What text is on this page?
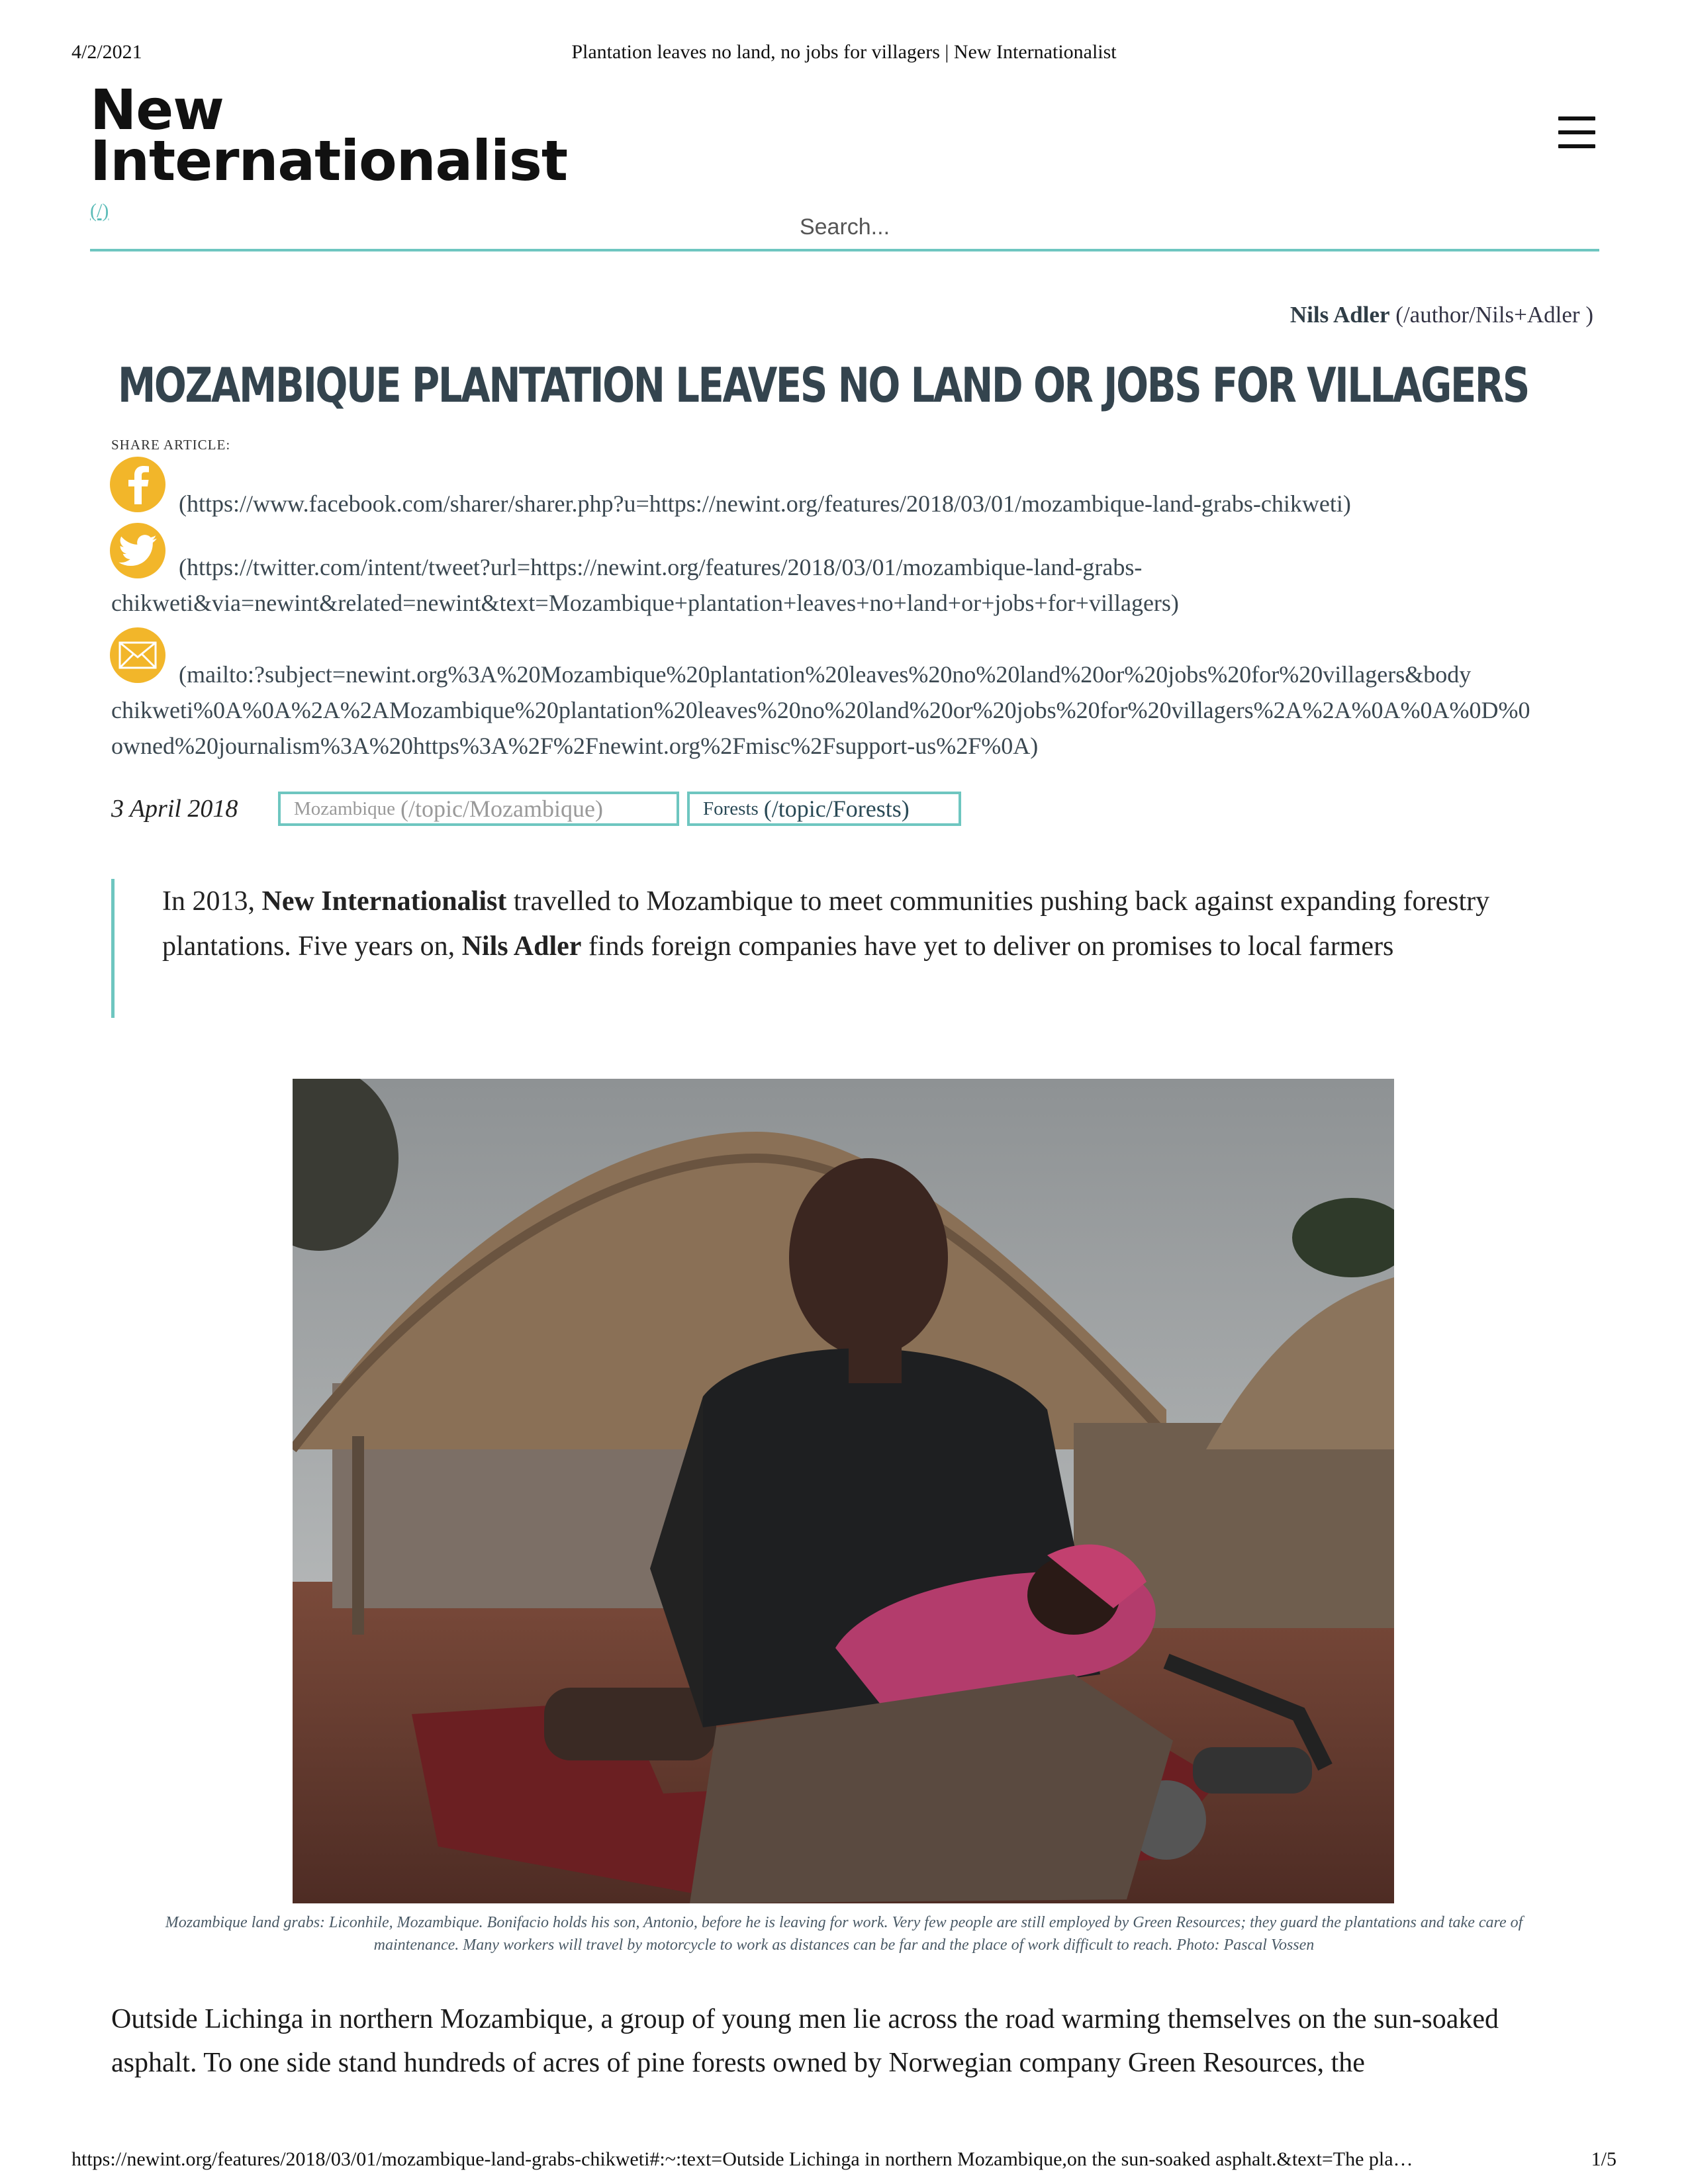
4/2/2021	Plantation leaves no land, no jobs for villagers | New Internationalist
New
Internationalist
(/)
Search...
Nils Adler (/author/Nils+Adler )
MOZAMBIQUE PLANTATION LEAVES NO LAND OR JOBS FOR VILLAGERS
SHARE ARTICLE:
(https://www.facebook.com/sharer/sharer.php?u=https://newint.org/features/2018/03/01/mozambique-land-grabs-chikweti)
(https://twitter.com/intent/tweet?url=https://newint.org/features/2018/03/01/mozambique-land-grabs-chikweti&via=newint&related=newint&text=Mozambique+plantation+leaves+no+land+or+jobs+for+villagers)
(mailto:?subject=newint.org%3A%20Mozambique%20plantation%20leaves%20no%20land%20or%20jobs%20for%20villagers&body
chikweti%0A%0A%2A%2AMozambique%20plantation%20leaves%20no%20land%20or%20jobs%20for%20villagers%2A%2A%0A%0A%0D%0
owned%20journalism%3A%20https%3A%2F%2Fnewint.org%2Fmisc%2Fsupport-us%2F%0A)
3 April 2018	Mozambique (/topic/Mozambique)	Forests (/topic/Forests)
In 2013, New Internationalist travelled to Mozambique to meet communities pushing back against expanding forestry plantations. Five years on, Nils Adler finds foreign companies have yet to deliver on promises to local farmers
Mozambique land grabs: Liconhile, Mozambique. Bonifacio holds his son, Antonio, before he is leaving for work. Very few people are still employed by Green Resources; they guard the plantations and take care of maintenance. Many workers will travel by motorcycle to work as distances can be far and the place of work difficult to reach. Photo: Pascal Vossen
Outside Lichinga in northern Mozambique, a group of young men lie across the road warming themselves on the sun-soaked asphalt. To one side stand hundreds of acres of pine forests owned by Norwegian company Green Resources, the
https://newint.org/features/2018/03/01/mozambique-land-grabs-chikweti#:~:text=Outside Lichinga in northern Mozambique,on the sun-soaked asphalt.&text=The pla…	1/5
